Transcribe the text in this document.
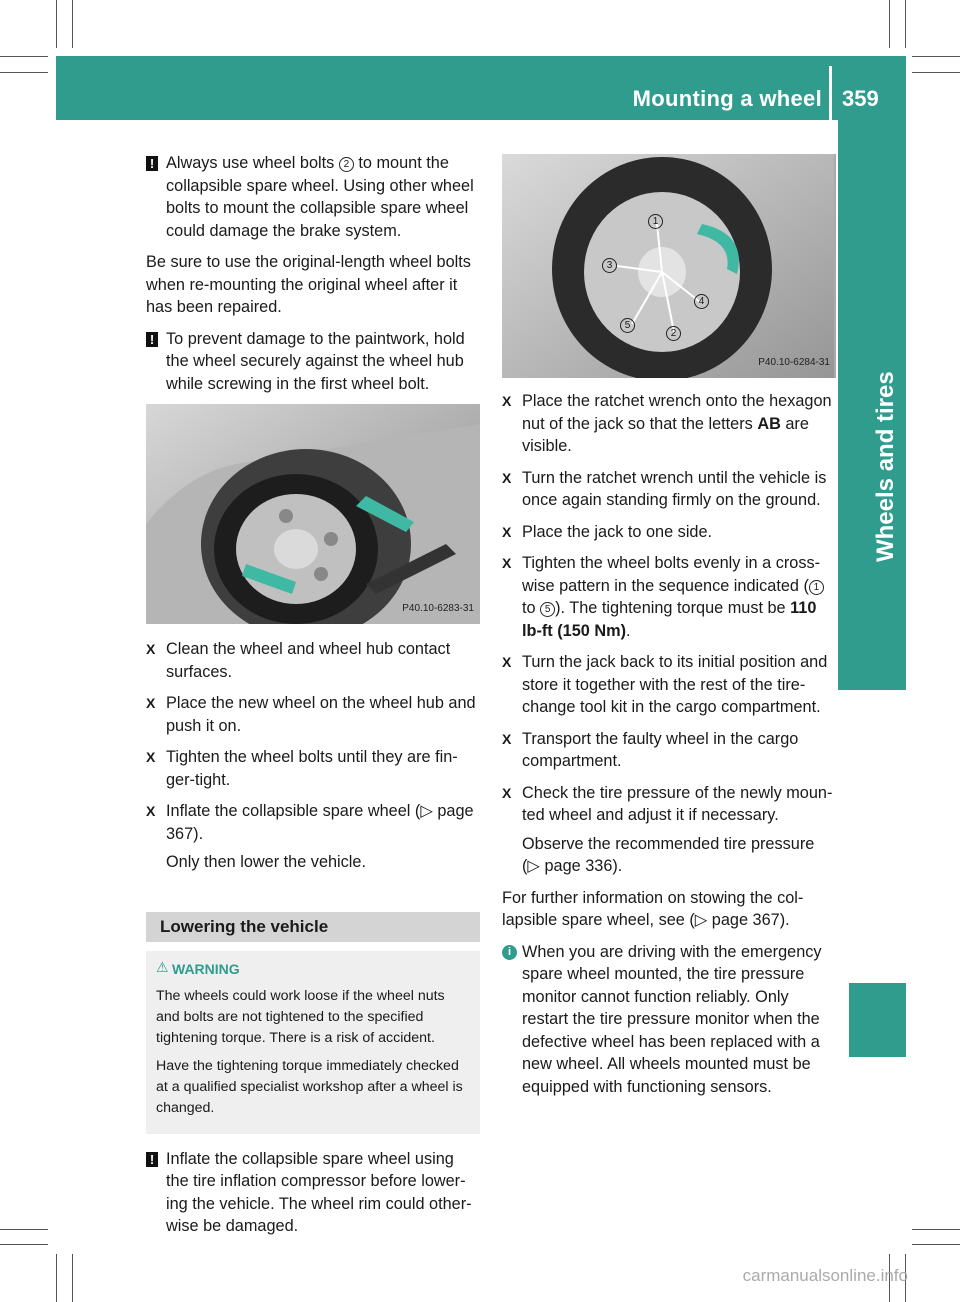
Mounting a wheel 359
Wheels and tires

! Always use wheel bolts 2 to mount the collapsible spare wheel. Using other wheel bolts to mount the collapsible spare wheel could damage the brake system.

Be sure to use the original-length wheel bolts when re-mounting the original wheel after it has been repaired.

! To prevent damage to the paintwork, hold the wheel securely against the wheel hub while screwing in the first wheel bolt.

P40.10-6283-31

X Clean the wheel and wheel hub contact surfaces.

X Place the new wheel on the wheel hub and push it on.

X Tighten the wheel bolts until they are fin-ger-tight.

X Inflate the collapsible spare wheel (▷ page 367).

Only then lower the vehicle.

Lowering the vehicle
⚠ WARNING

The wheels could work loose if the wheel nuts and bolts are not tightened to the specified tightening torque. There is a risk of accident.

Have the tightening torque immediately checked at a qualified specialist workshop after a wheel is changed.

! Inflate the collapsible spare wheel using the tire inflation compressor before lower-ing the vehicle. The wheel rim could other-wise be damaged.

1
3
4
5
2
P40.10-6284-31

X Place the ratchet wrench onto the hexagon nut of the jack so that the letters AB are visible.

X Turn the ratchet wrench until the vehicle is once again standing firmly on the ground.

X Place the jack to one side.

X Tighten the wheel bolts evenly in a cross-wise pattern in the sequence indicated ( 1 to 5 ). The tightening torque must be 110 lb-ft (150 Nm).

X Turn the jack back to its initial position and store it together with the rest of the tire-change tool kit in the cargo compartment.

X Transport the faulty wheel in the cargo compartment.

X Check the tire pressure of the newly moun-ted wheel and adjust it if necessary.

Observe the recommended tire pressure (▷ page 336).

For further information on stowing the col-lapsible spare wheel, see (▷ page 367).

i When you are driving with the emergency spare wheel mounted, the tire pressure monitor cannot function reliably. Only restart the tire pressure monitor when the defective wheel has been replaced with a new wheel. All wheels mounted must be equipped with functioning sensors.

carmanualsonline.info
